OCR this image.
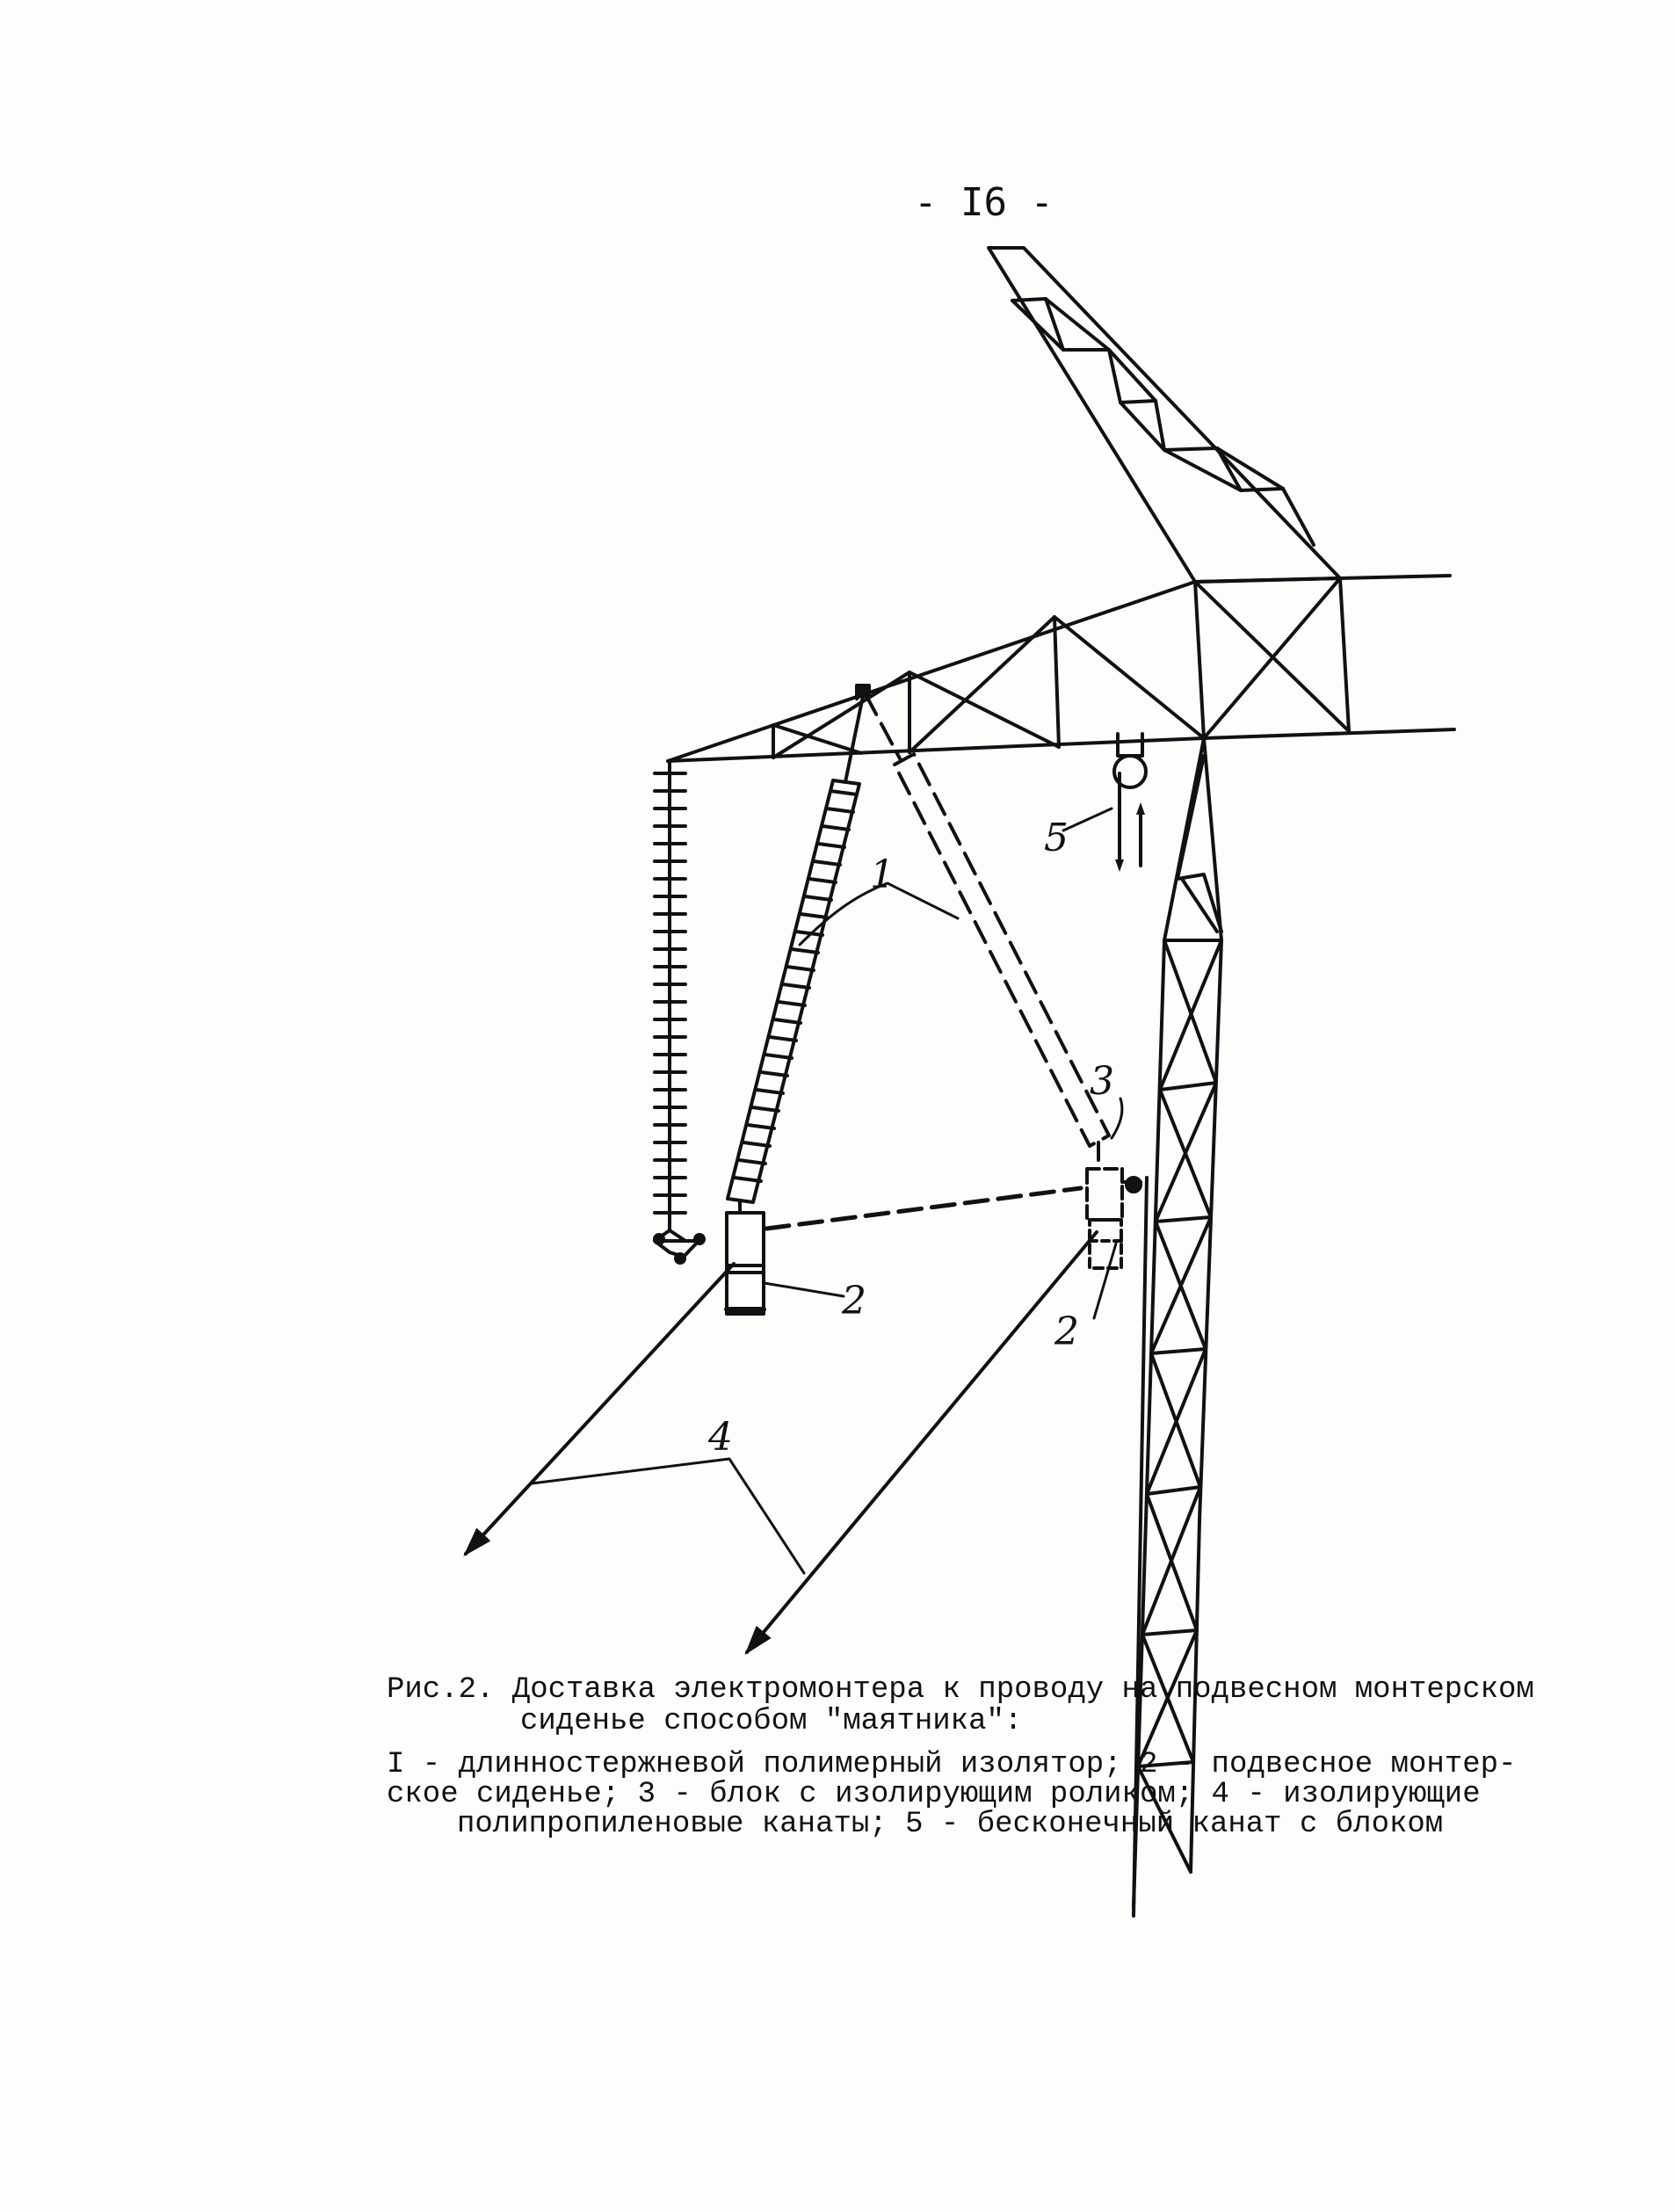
- I6 -
1
2
2
3
4
5

Рис.2. Доставка электромонтера к проводу на подвесном монтерском
сиденье способом "маятника":

I - длинностержневой полимерный изолятор; 2 - подвесное монтер-
ское сиденье; 3 - блок с изолирующим роликом; 4 - изолирующие
полипропиленовые канаты; 5 - бесконечный канат с блоком
